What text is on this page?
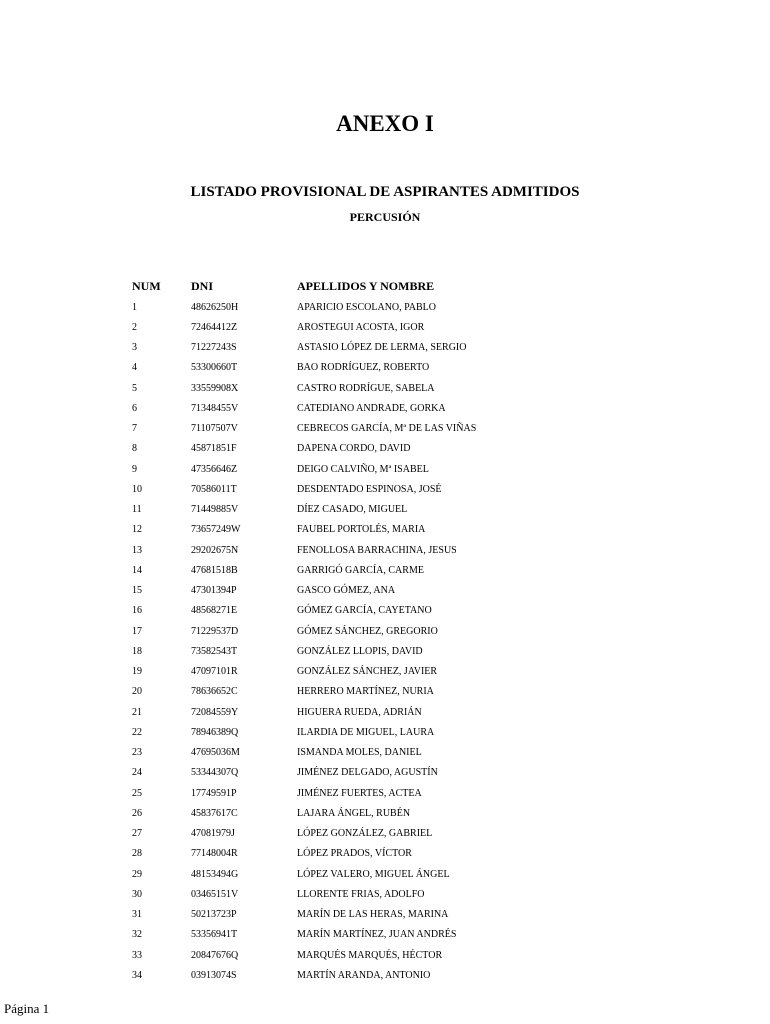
ANEXO I
LISTADO PROVISIONAL DE ASPIRANTES ADMITIDOS
PERCUSIÓN
NUM	DNI	APELLIDOS Y NOMBRE
1	48626250H	APARICIO ESCOLANO, PABLO
2	72464412Z	AROSTEGUI ACOSTA, IGOR
3	71227243S	ASTASIO LÓPEZ DE LERMA, SERGIO
4	53300660T	BAO RODRÍGUEZ, ROBERTO
5	33559908X	CASTRO RODRÍGUE, SABELA
6	71348455V	CATEDIANO ANDRADE, GORKA
7	71107507V	CEBRECOS GARCÍA, Mª DE LAS VIÑAS
8	45871851F	DAPENA CORDO, DAVID
9	47356646Z	DEIGO CALVIÑO, Mª ISABEL
10	70586011T	DESDENTADO ESPINOSA, JOSÉ
11	71449885V	DÍEZ CASADO, MIGUEL
12	73657249W	FAUBEL PORTOLÉS, MARIA
13	29202675N	FENOLLOSA BARRACHINA, JESUS
14	47681518B	GARRIGÓ GARCÍA, CARME
15	47301394P	GASCO GÓMEZ, ANA
16	48568271E	GÓMEZ GARCÍA, CAYETANO
17	71229537D	GÓMEZ SÁNCHEZ, GREGORIO
18	73582543T	GONZÁLEZ LLOPIS, DAVID
19	47097101R	GONZÁLEZ SÁNCHEZ, JAVIER
20	78636652C	HERRERO MARTÍNEZ, NURIA
21	72084559Y	HIGUERA RUEDA, ADRIÁN
22	78946389Q	ILARDIA DE MIGUEL, LAURA
23	47695036M	ISMANDA MOLES, DANIEL
24	53344307Q	JIMÉNEZ DELGADO, AGUSTÍN
25	17749591P	JIMÉNEZ FUERTES, ACTEA
26	45837617C	LAJARA ÁNGEL, RUBÉN
27	47081979J	LÓPEZ GONZÁLEZ, GABRIEL
28	77148004R	LÓPEZ PRADOS, VÍCTOR
29	48153494G	LÓPEZ VALERO, MIGUEL ÁNGEL
30	03465151V	LLORENTE FRIAS, ADOLFO
31	50213723P	MARÍN DE LAS HERAS, MARINA
32	53356941T	MARÍN MARTÍNEZ, JUAN ANDRÉS
33	20847676Q	MARQUÉS MARQUÉS, HÉCTOR
34	03913074S	MARTÍN ARANDA, ANTONIO
Página 1
